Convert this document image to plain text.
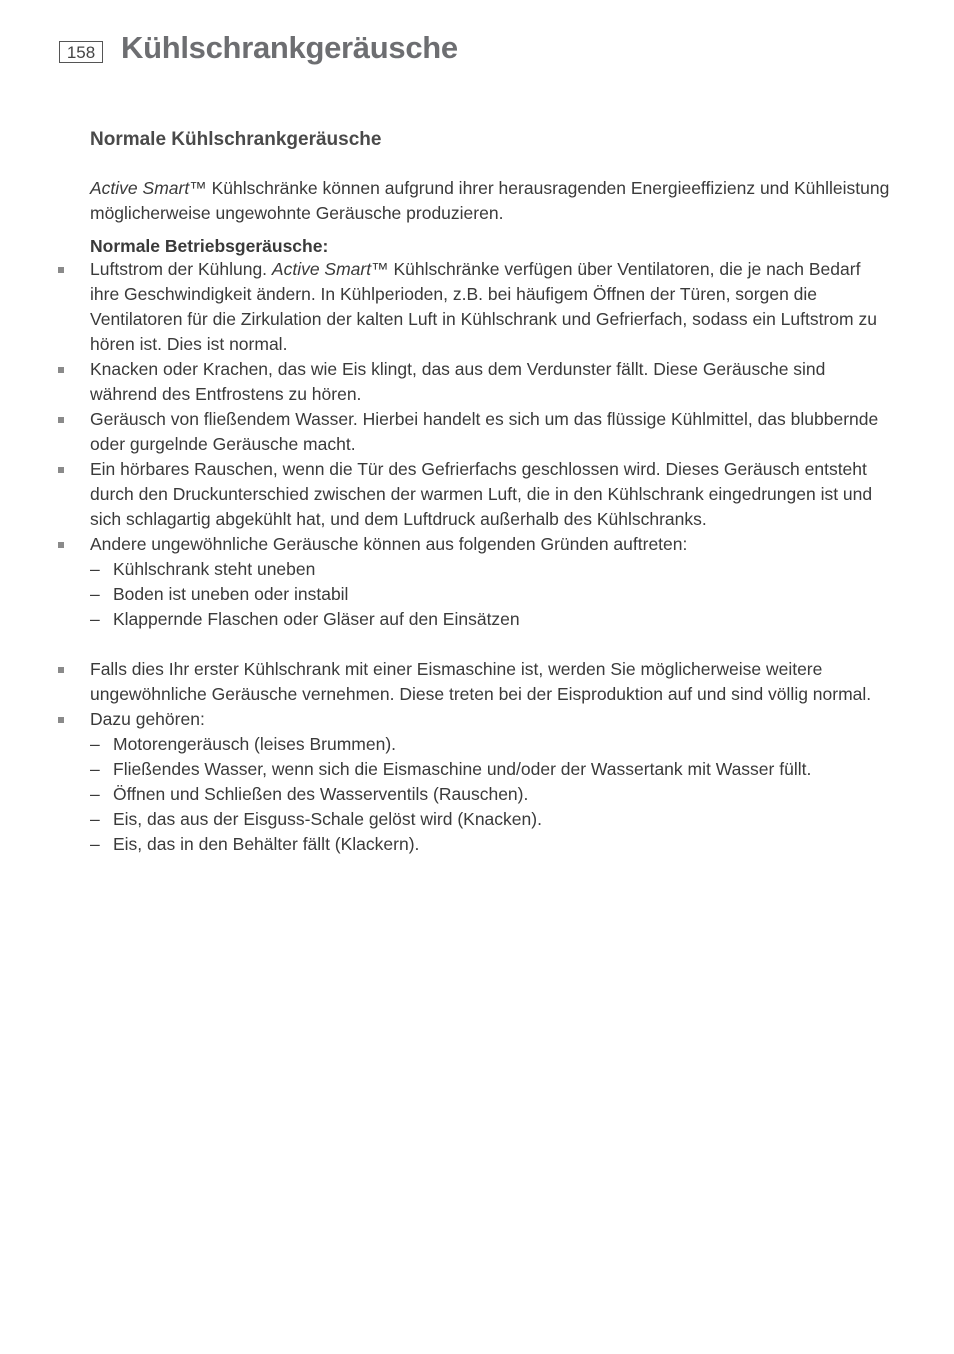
158 Kühlschrankgeräusche
Normale Kühlschrankgeräusche

Active Smart™ Kühlschränke können aufgrund ihrer herausragenden Energieeffizienz und Kühlleistung möglicherweise ungewohnte Geräusche produzieren.

Normale Betriebsgeräusche:
Luftstrom der Kühlung. Active Smart™ Kühlschränke verfügen über Ventilatoren, die je nach Bedarf ihre Geschwindigkeit ändern. In Kühlperioden, z.B. bei häufigem Öffnen der Türen, sorgen die Ventilatoren für die Zirkulation der kalten Luft in Kühlschrank und Gefrierfach, sodass ein Luftstrom zu hören ist. Dies ist normal.
Knacken oder Krachen, das wie Eis klingt, das aus dem Verdunster fällt. Diese Geräusche sind während des Entfrostens zu hören.
Geräusch von fließendem Wasser. Hierbei handelt es sich um das flüssige Kühlmittel, das blubbernde oder gurgelnde Geräusche macht.
Ein hörbares Rauschen, wenn die Tür des Gefrierfachs geschlossen wird. Dieses Geräusch entsteht durch den Druckunterschied zwischen der warmen Luft, die in den Kühlschrank eingedrungen ist und sich schlagartig abgekühlt hat, und dem Luftdruck außerhalb des Kühlschranks.
Andere ungewöhnliche Geräusche können aus folgenden Gründen auftreten:
– Kühlschrank steht uneben
– Boden ist uneben oder instabil
– Klappernde Flaschen oder Gläser auf den Einsätzen
Falls dies Ihr erster Kühlschrank mit einer Eismaschine ist, werden Sie möglicherweise weitere ungewöhnliche Geräusche vernehmen. Diese treten bei der Eisproduktion auf und sind völlig normal.
Dazu gehören:
– Motorengeräusch (leises Brummen).
– Fließendes Wasser, wenn sich die Eismaschine und/oder der Wassertank mit Wasser füllt.
– Öffnen und Schließen des Wasserventils (Rauschen).
– Eis, das aus der Eisguss-Schale gelöst wird (Knacken).
– Eis, das in den Behälter fällt (Klackern).
